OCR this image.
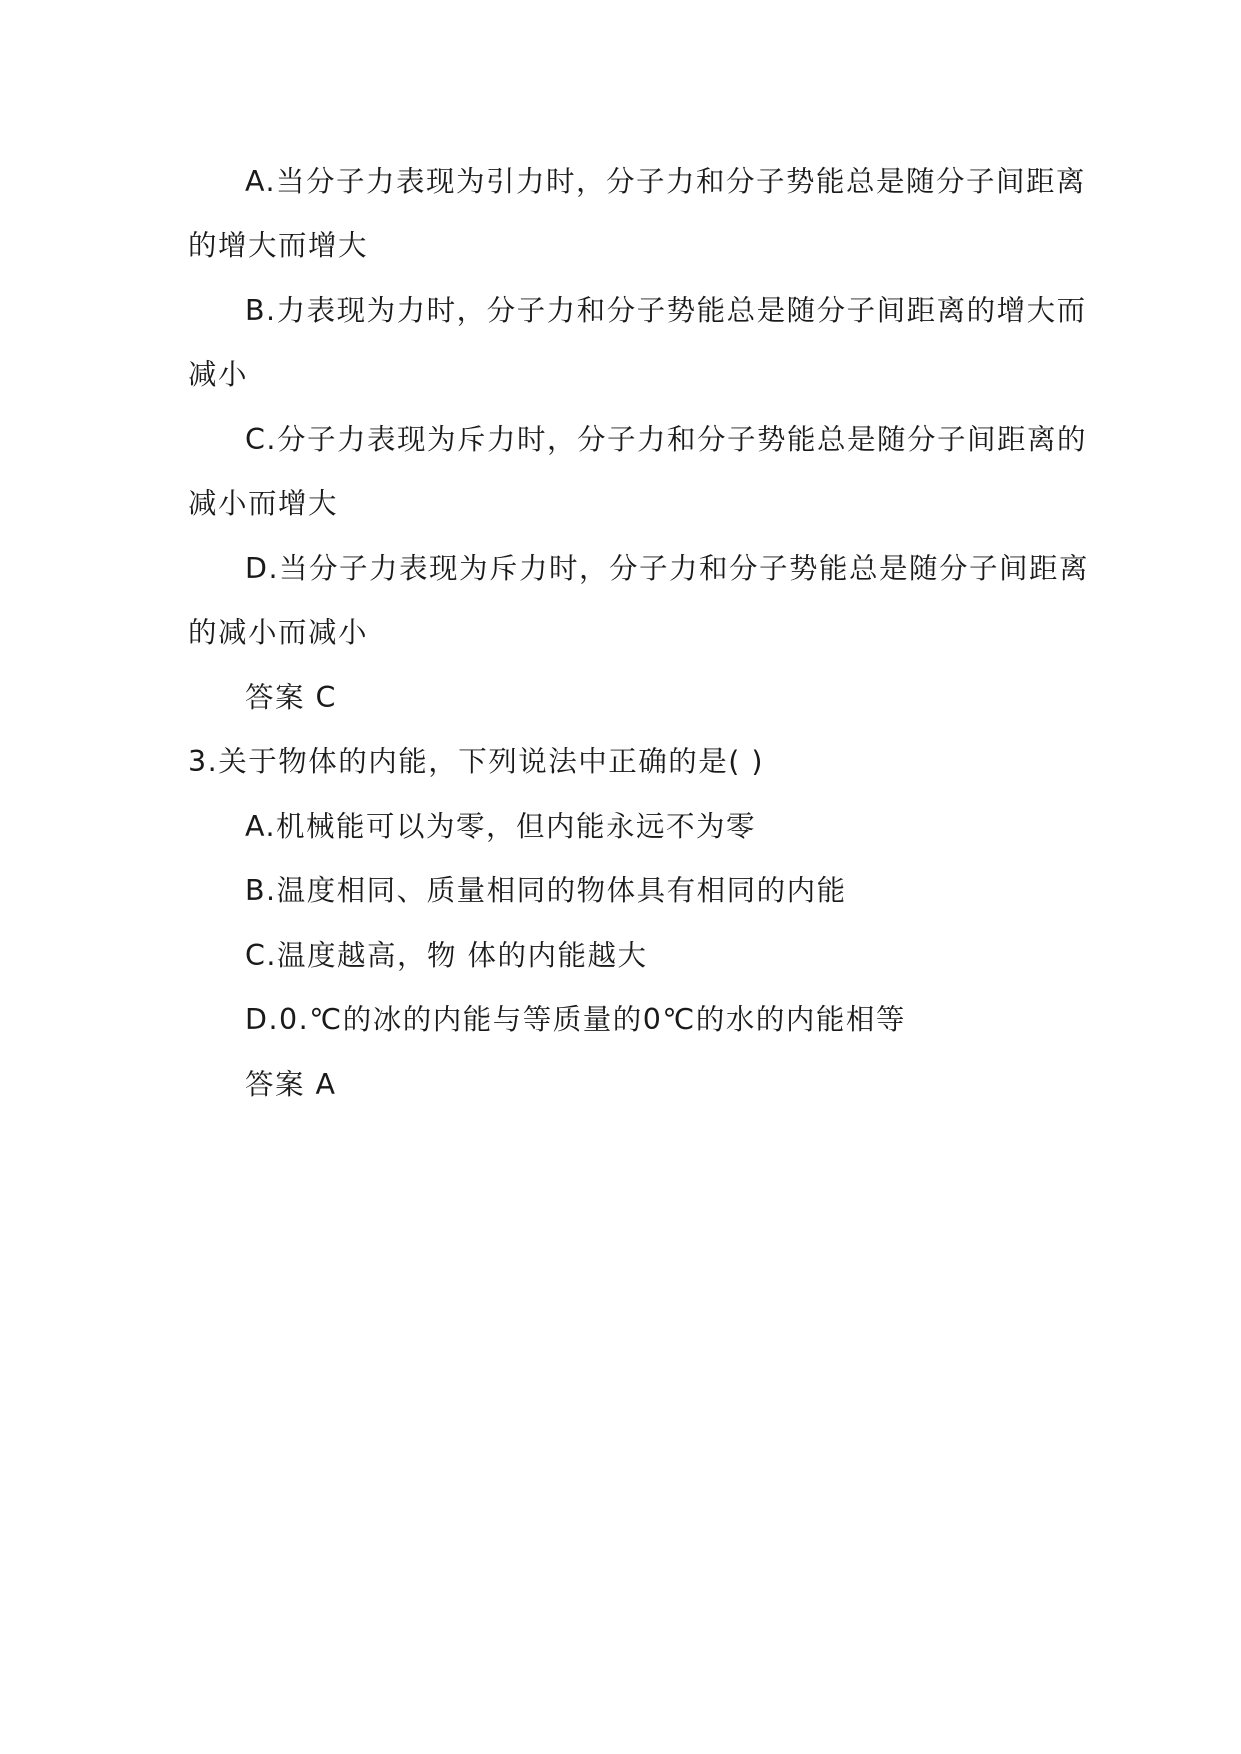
A.当分子力表现为引力时，分子力和分子势能总是随分子间距离
的增大而增大
B.力表现为力时，分子力和分子势能总是随分子间距离的增大而
减小
C.分子力表现为斥力时，分子力和分子势能总是随分子间距离的
减小而增大
D.当分子力表现为斥力时，分子力和分子势能总是随分子间距离
的减小而减小
答案 C
3.关于物体的内能，下列说法中正确的是( )
A.机械能可以为零，但内能永远不为零
B.温度相同、质量相同的物体具有相同的内能
C.温度越高，物 体的内能越大
D.0.℃的冰的内能与等质量的0℃的水的内能相等
答案 A
